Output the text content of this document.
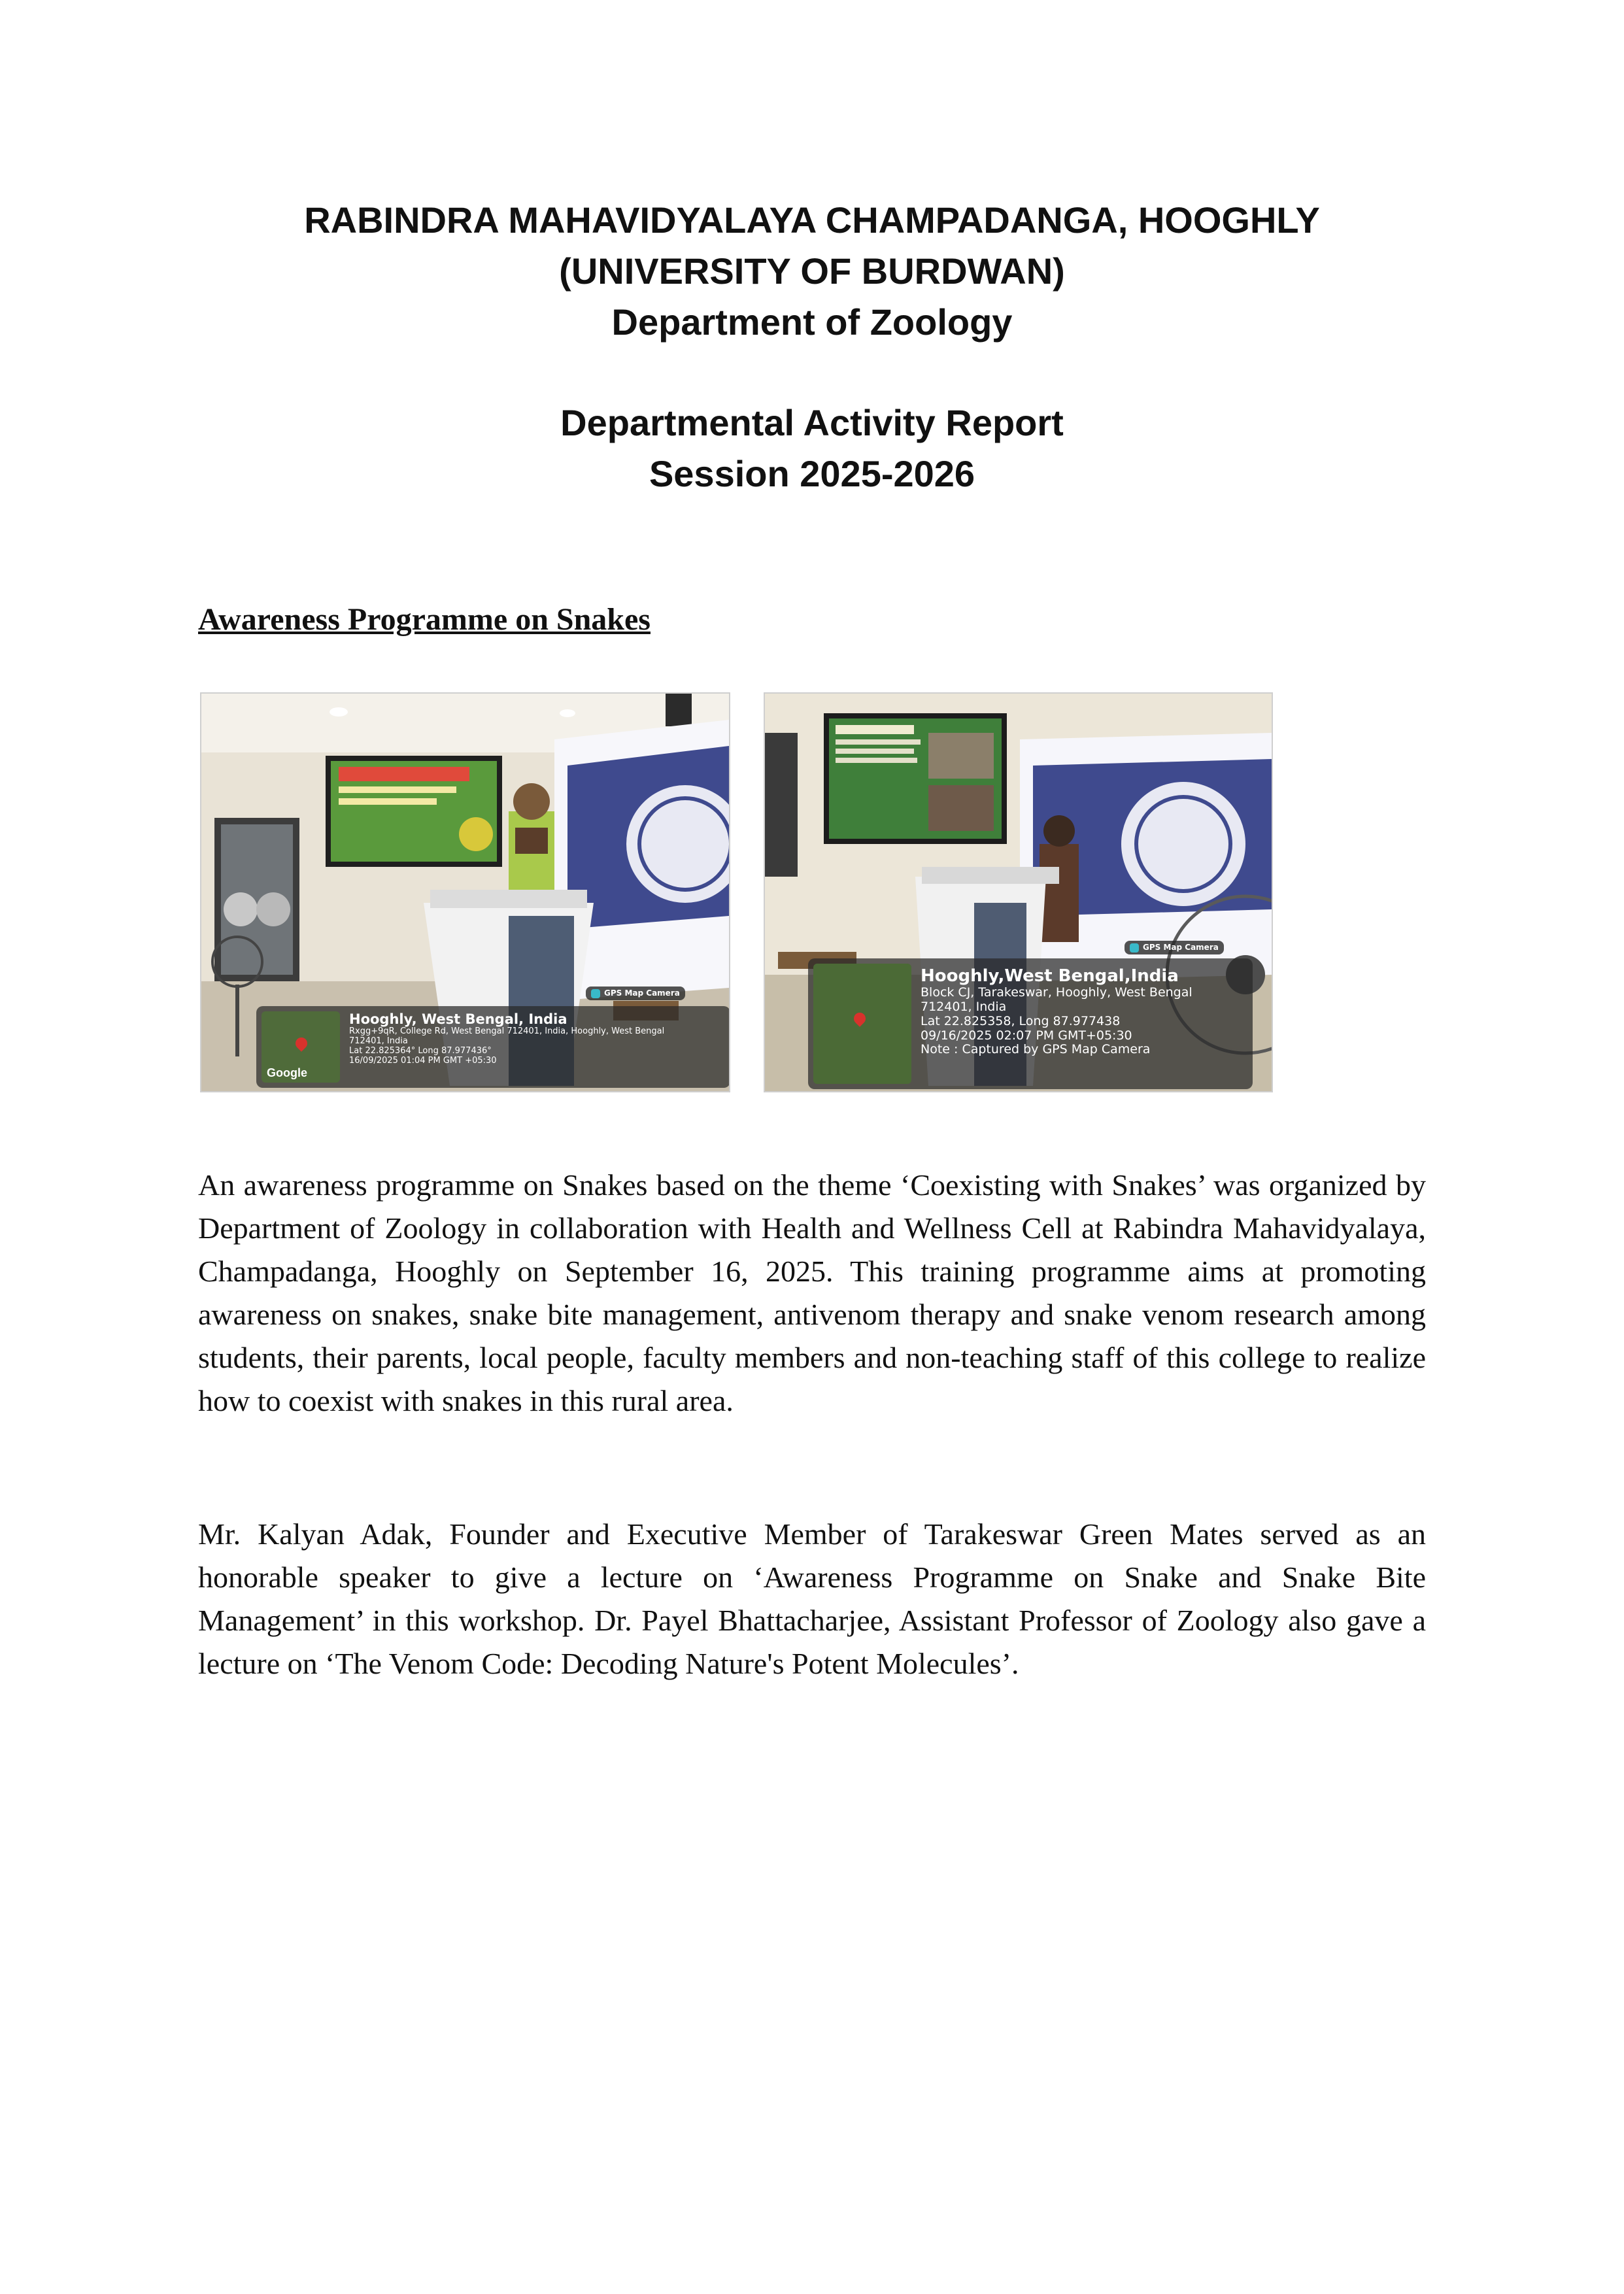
RABINDRA MAHAVIDYALAYA CHAMPADANGA, HOOGHLY
(UNIVERSITY OF BURDWAN)
Department of Zoology
Departmental Activity Report
Session 2025-2026
Awareness Programme on Snakes
GPS Map Camera
Google
Hooghly, West Bengal, India
Rxgg+9qR, College Rd, West Bengal 712401, India, Hooghly, West Bengal 712401, India
Lat 22.825364° Long 87.977436°
16/09/2025 01:04 PM GMT +05:30
GPS Map Camera
Hooghly,West Bengal,India
Block CJ, Tarakeswar, Hooghly, West Bengal
712401, India
Lat 22.825358, Long 87.977438
09/16/2025 02:07 PM GMT+05:30
Note : Captured by GPS Map Camera
An awareness programme on Snakes based on the theme ‘Coexisting with Snakes’ was organized by Department of Zoology in collaboration with Health and Wellness Cell at Rabindra Mahavidyalaya, Champadanga, Hooghly on September 16, 2025. This training programme aims at promoting awareness on snakes, snake bite management, antivenom therapy and snake venom research among students, their parents, local people, faculty members and non-teaching staff of this college to realize how to coexist with snakes in this rural area.
Mr. Kalyan Adak, Founder and Executive Member of Tarakeswar Green Mates served as an honorable speaker to give a lecture on ‘Awareness Programme on Snake and Snake Bite Management’ in this workshop. Dr. Payel Bhattacharjee, Assistant Professor of Zoology also gave a lecture on ‘The Venom Code: Decoding Nature's Potent Molecules’.
